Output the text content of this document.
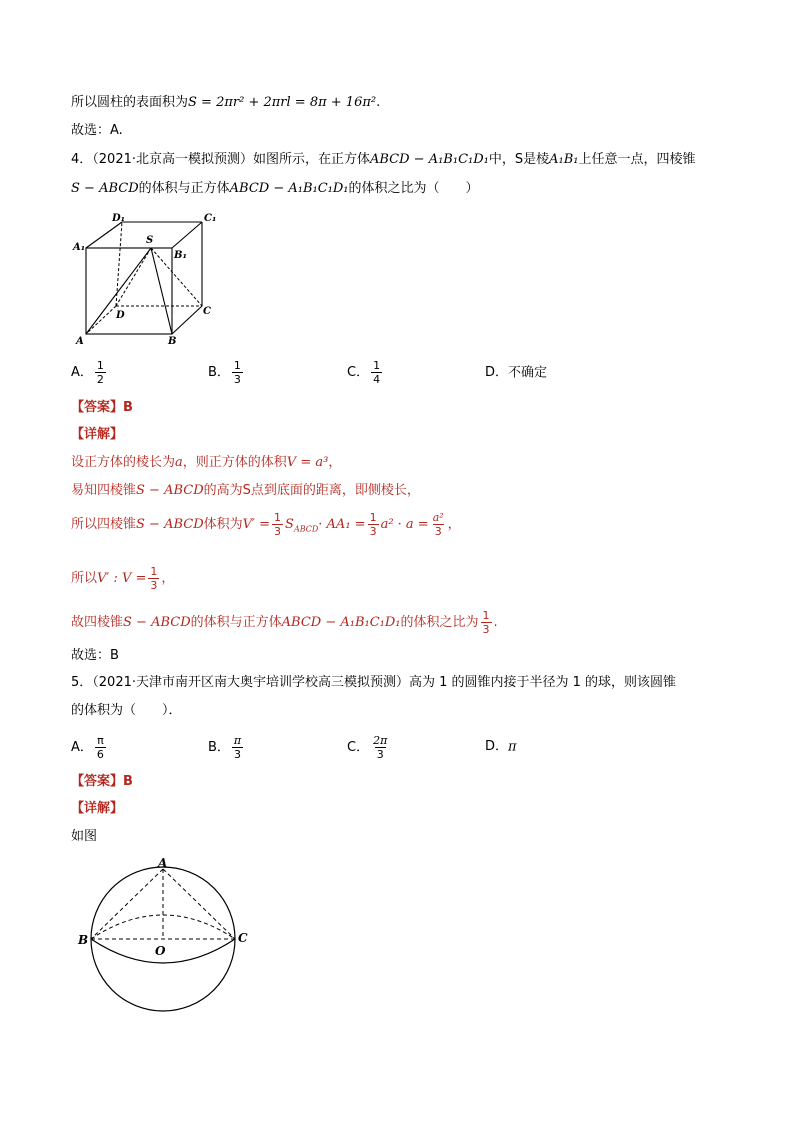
所以圆柱的表面积为S = 2πr² + 2πrl = 8π + 16π².
故选：A.
4．（2021·北京高一模拟预测）如图所示，在正方体ABCD − A₁B₁C₁D₁中，S是棱A₁B₁上任意一点，四棱锥
S − ABCD的体积与正方体ABCD − A₁B₁C₁D₁的体积之比为（　　）
D₁	C₁
A₁
S
B₁
D	C
A	B
A． $\frac{1}{2}$	B． $\frac{1}{3}$	C． $\frac{1}{4}$	D．不确定
【答案】B
【详解】
设正方体的棱长为a，则正方体的体积V = a³，
易知四棱锥S − ABCD的高为S点到底面的距离，即侧棱长，
所以四棱锥S − ABCD体积为$V' = \frac{1}{3} S_{ABCD}\cdot AA_1 = \frac{1}{3} a^2 \cdot a = \frac{\text{a²}}{3}$ ，
所以V′ : $V = \frac{1}{3}$ ，
故四棱锥S − ABCD的体积与正方体ABCD − A₁B₁C₁D₁的体积之比为 $\frac{1}{3}$ .
故选：B
5．（2021·天津市南开区南大奥宇培训学校高三模拟预测）高为 1 的圆锥内接于半径为 1 的球，则该圆锥
的体积为（　　）．
A． $\frac{\pi}{6}$	B． $\frac{\pi}{3}$	C． $\frac{2\pi}{3}$	D．π
【答案】B
【详解】
如图
A
B	C
O
